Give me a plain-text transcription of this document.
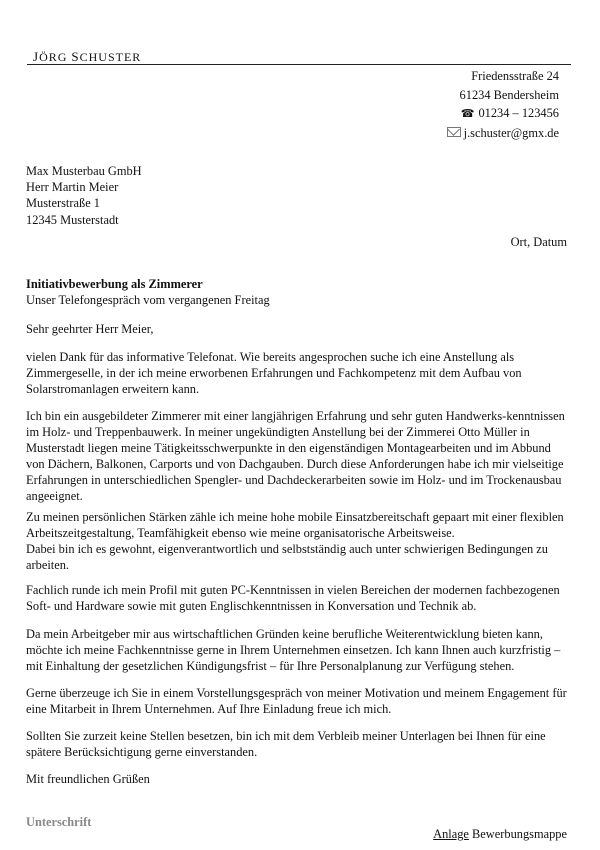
JÖRG SCHUSTER
Friedensstraße 24
61234 Bendersheim
☎ 01234 – 123456
j.schuster@gmx.de
Max Musterbau GmbH
Herr Martin Meier
Musterstraße 1
12345 Musterstadt
Ort, Datum
Initiativbewerbung als Zimmerer
Unser Telefongespräch vom vergangenen Freitag
Sehr geehrter Herr Meier,
vielen Dank für das informative Telefonat. Wie bereits angesprochen suche ich eine Anstellung als Zimmergeselle, in der ich meine erworbenen Erfahrungen und Fachkompetenz mit dem Aufbau von Solarstromanlagen erweitern kann.
Ich bin ein ausgebildeter Zimmerer mit einer langjährigen Erfahrung und sehr guten Handwerks-kenntnissen im Holz- und Treppenbauwerk. In meiner ungekündigten Anstellung bei der Zimmerei Otto Müller in Musterstadt liegen meine Tätigkeitsschwerpunkte in den eigenständigen Montagearbeiten und im Abbund von Dächern, Balkonen, Carports und von Dachgauben. Durch diese Anforderungen habe ich mir vielseitige Erfahrungen in unterschiedlichen Spengler- und Dachdeckerarbeiten sowie im Holz- und im Trockenausbau angeeignet.
Zu meinen persönlichen Stärken zähle ich meine hohe mobile Einsatzbereitschaft gepaart mit einer flexiblen Arbeitszeitgestaltung, Teamfähigkeit ebenso wie meine organisatorische Arbeitsweise.
Dabei bin ich es gewohnt, eigenverantwortlich und selbstständig auch unter schwierigen Bedingungen zu arbeiten.
Fachlich runde ich mein Profil mit guten PC-Kenntnissen in vielen Bereichen der modernen fachbezogenen Soft- und Hardware sowie mit guten Englischkenntnissen in Konversation und Technik ab.
Da mein Arbeitgeber mir aus wirtschaftlichen Gründen keine berufliche Weiterentwicklung bieten kann, möchte ich meine Fachkenntnisse gerne in Ihrem Unternehmen einsetzen. Ich kann Ihnen auch kurzfristig – mit Einhaltung der gesetzlichen Kündigungsfrist – für Ihre Personalplanung zur Verfügung stehen.
Gerne überzeuge ich Sie in einem Vorstellungsgespräch von meiner Motivation und meinem Engagement für eine Mitarbeit in Ihrem Unternehmen. Auf Ihre Einladung freue ich mich.
Sollten Sie zurzeit keine Stellen besetzen, bin ich mit dem Verbleib meiner Unterlagen bei Ihnen für eine spätere Berücksichtigung gerne einverstanden.
Mit freundlichen Grüßen
Unterschrift
Anlage Bewerbungsmappe
